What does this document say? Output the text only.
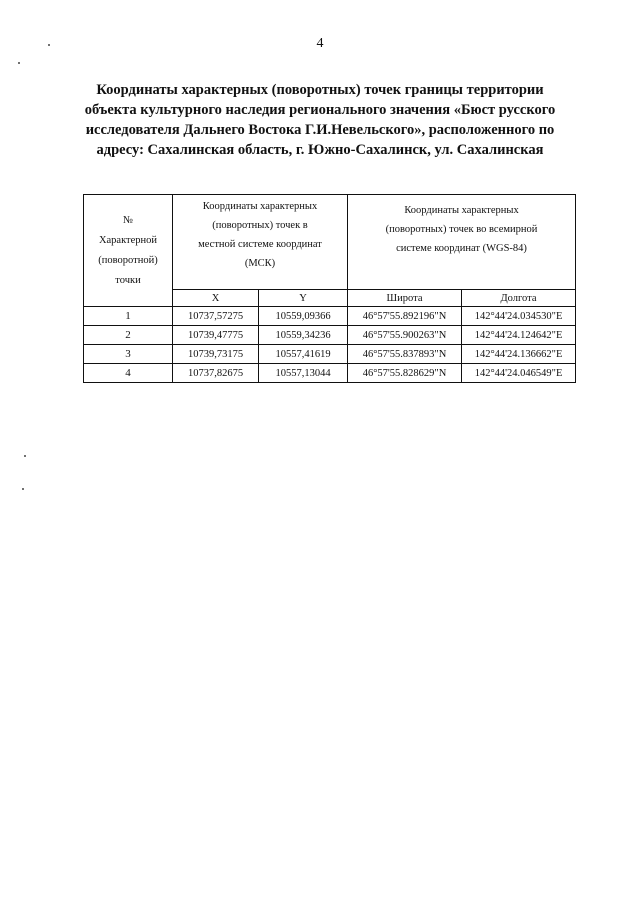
4
Координаты характерных (поворотных) точек границы территории
объекта культурного наследия регионального значения «Бюст русского
исследователя Дальнего Востока Г.И.Невельского», расположенного по
адресу: Сахалинская область, г. Южно-Сахалинск, ул. Сахалинская
№
Характерной
(поворотной)
точки	Координаты характерных
(поворотных) точек в
местной системе координат
(МСК)		Координаты характерных
(поворотных) точек во всемирной
системе координат (WGS-84)	

	X	Y	Широта	Долгота
1	10737,57275	10559,09366	46°57'55.892196"N	142°44'24.034530"E
2	10739,47775	10559,34236	46°57'55.900263"N	142°44'24.124642"E
3	10739,73175	10557,41619	46°57'55.837893"N	142°44'24.136662"E
4	10737,82675	10557,13044	46°57'55.828629"N	142°44'24.046549"E
